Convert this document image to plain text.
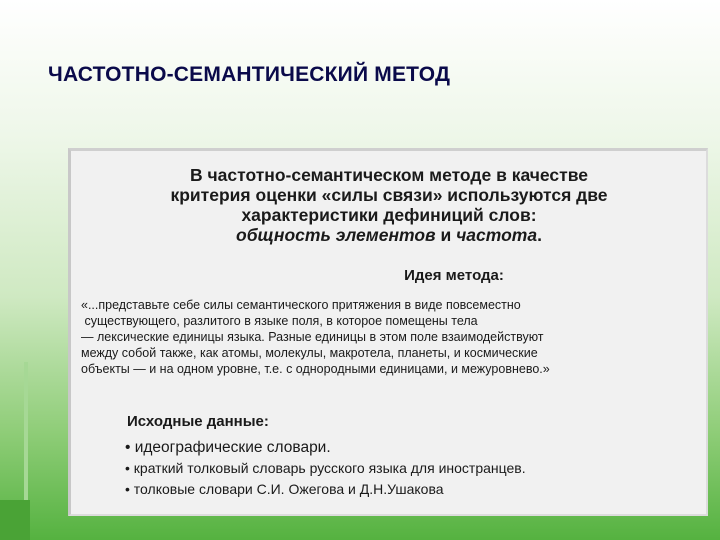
ЧАСТОТНО-СЕМАНТИЧЕСКИЙ МЕТОД
В частотно-семантическом методе в качестве
критерия оценки «силы связи» используются две
характеристики дефиниций слов:
общность элементов и частота.
Идея метода:
«...представьте себе силы семантического притяжения в виде повсеместно
существующего, разлитого в языке поля, в которое помещены тела
— лексические единицы языка. Разные единицы в этом поле взаимодействуют
между собой также, как атомы, молекулы, макротела, планеты, и космические
объекты — и на одном уровне, т.е. с однородными единицами, и межуровнево.»
Исходные данные:
• идеографические словари.
• краткий толковый словарь русского языка для иностранцев.
• толковые словари С.И. Ожегова и Д.Н.Ушакова
